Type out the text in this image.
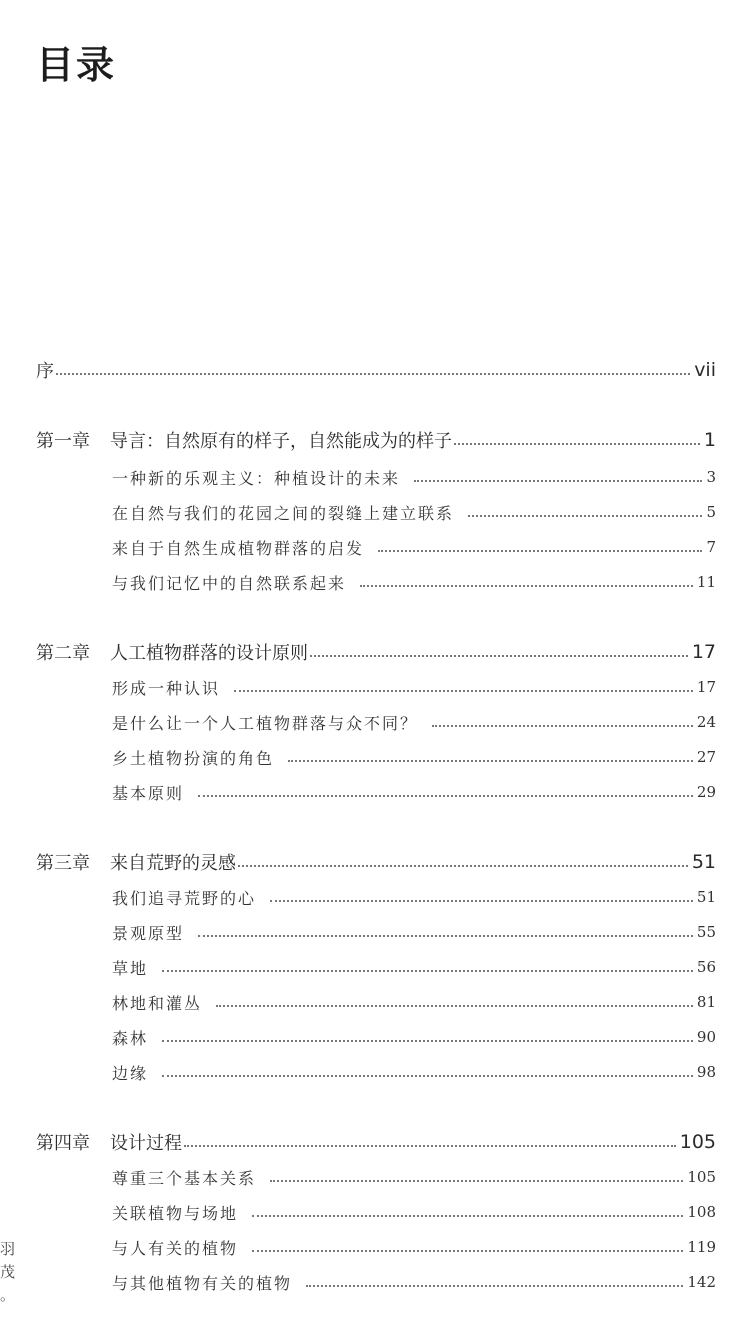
目录
序	vii
第一章 导言：自然原有的样子，自然能成为的样子	1
一种新的乐观主义：种植设计的未来	3
在自然与我们的花园之间的裂缝上建立联系	5
来自于自然生成植物群落的启发	7
与我们记忆中的自然联系起来	11
第二章 人工植物群落的设计原则	17
形成一种认识	17
是什么让一个人工植物群落与众不同？	24
乡土植物扮演的角色	27
基本原则	29
第三章 来自荒野的灵感	51
我们追寻荒野的心	51
景观原型	55
草地	56
林地和灌丛	81
森林	90
边缘	98
第四章 设计过程	105
尊重三个基本关系	105
关联植物与场地	108
与人有关的植物	119
与其他植物有关的植物	142
羽
茂
。
